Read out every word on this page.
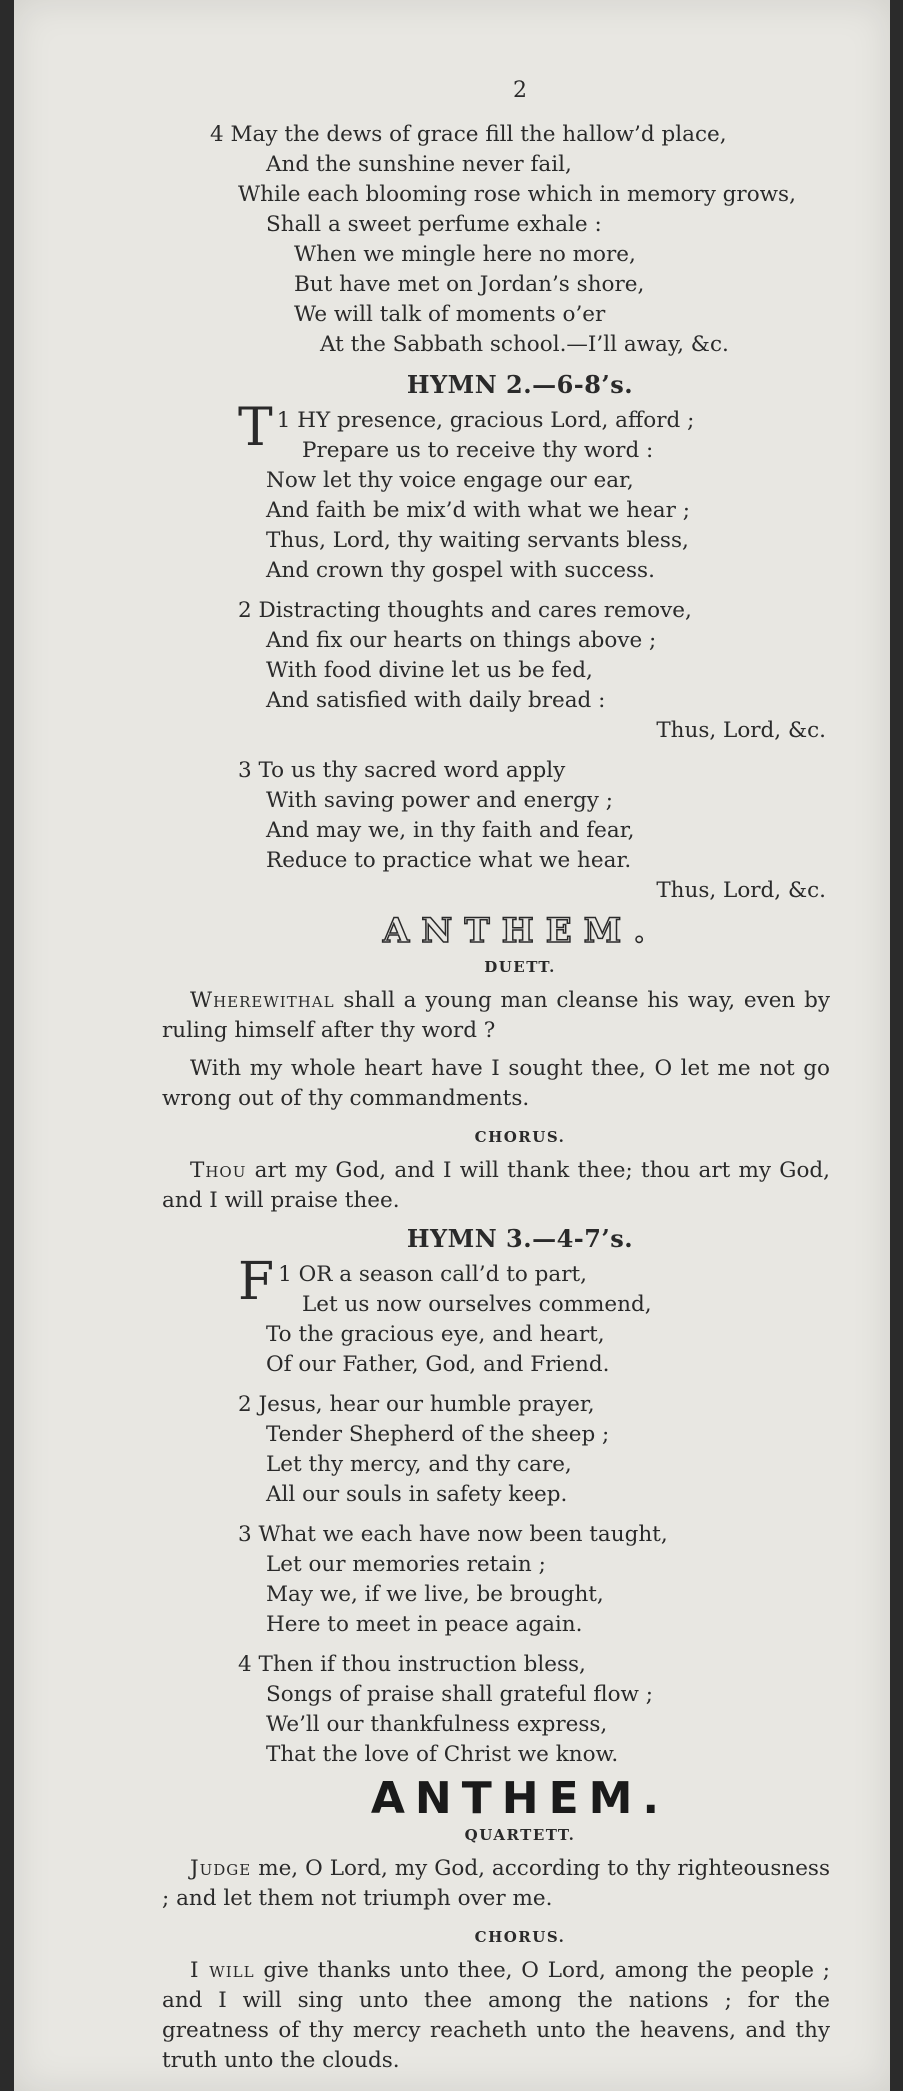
2
4 May the dews of grace fill the hallow’d place,
And the sunshine never fail,
While each blooming rose which in memory grows,
Shall a sweet perfume exhale :
When we mingle here no more,
But have met on Jordan’s shore,
We will talk of moments o’er
At the Sabbath school.—I’ll away, &c.
HYMN 2.—6-8’s.
1
T HY presence, gracious Lord, afford ;
Prepare us to receive thy word :
Now let thy voice engage our ear,
And faith be mix’d with what we hear ;
Thus, Lord, thy waiting servants bless,
And crown thy gospel with success.
2 Distracting thoughts and cares remove,
And fix our hearts on things above ;
With food divine let us be fed,
And satisfied with daily bread :
Thus, Lord, &c.
3 To us thy sacred word apply
With saving power and energy ;
And may we, in thy faith and fear,
Reduce to practice what we hear.
Thus, Lord, &c.
ANTHEM.
DUETT.

Wherewithal shall a young man cleanse his way, even by ruling himself after thy word ?

With my whole heart have I sought thee, O let me not go wrong out of thy commandments.

CHORUS.

Thou art my God, and I will thank thee; thou art my God, and I will praise thee.

HYMN 3.—4-7’s.
1
F OR a season call’d to part,
Let us now ourselves commend,
To the gracious eye, and heart,
Of our Father, God, and Friend.
2 Jesus, hear our humble prayer,
Tender Shepherd of the sheep ;
Let thy mercy, and thy care,
All our souls in safety keep.
3 What we each have now been taught,
Let our memories retain ;
May we, if we live, be brought,
Here to meet in peace again.
4 Then if thou instruction bless,
Songs of praise shall grateful flow ;
We’ll our thankfulness express,
That the love of Christ we know.
ANTHEM.
QUARTETT.

Judge me, O Lord, my God, according to thy righteousness ; and let them not triumph over me.

CHORUS.

I will give thanks unto thee, O Lord, among the people ; and I will sing unto thee among the nations ; for the greatness of thy mercy reacheth unto the heavens, and thy truth unto the clouds.
